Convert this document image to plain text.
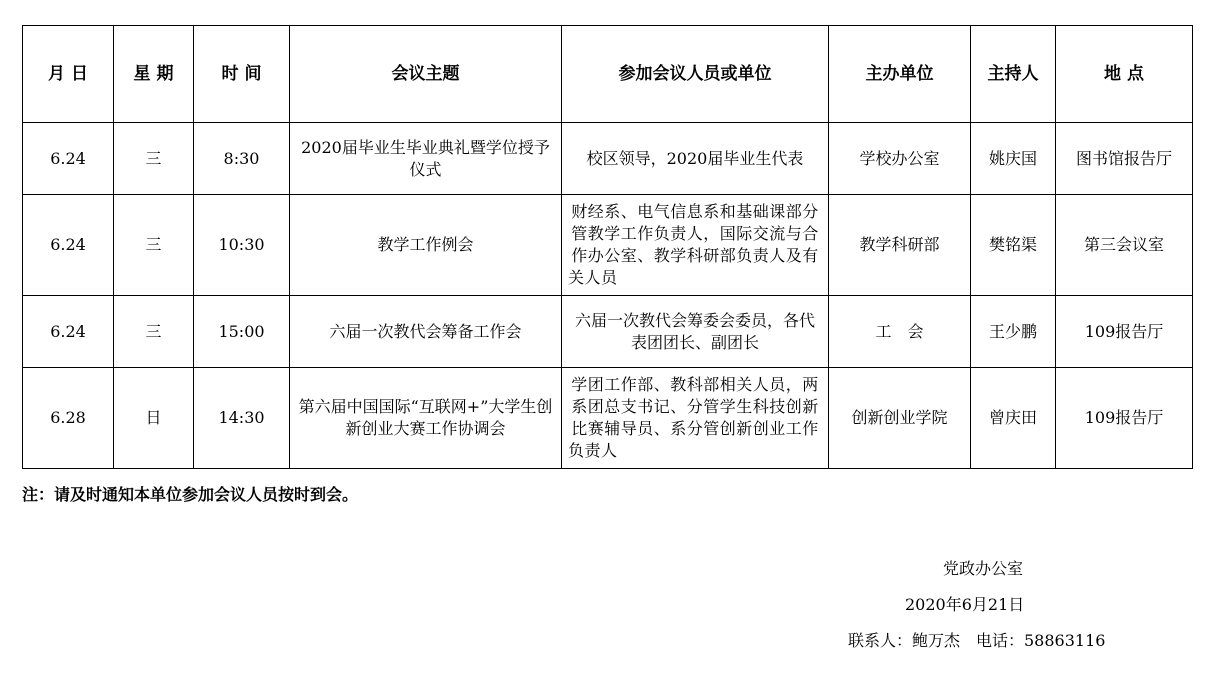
月 日	星 期	时 间	会议主题	参加会议人员或单位	主办单位	主持人	地 点
6.24	三	8:30	2020届毕业生毕业典礼暨学位授予仪式	校区领导，2020届毕业生代表	学校办公室	姚庆国	图书馆报告厅
6.24	三	10:30	教学工作例会	财经系、电气信息系和基础课部分管教学工作负责人，国际交流与合作办公室、教学科研部负责人及有关人员	教学科研部	樊铭渠	第三会议室
6.24	三	15:00	六届一次教代会筹备工作会	六届一次教代会筹委会委员，各代表团团长、副团长	工　会	王少鹏	109报告厅
6.28	日	14:30	第六届中国国际“互联网+”大学生创新创业大赛工作协调会	学团工作部、教科部相关人员，两系团总支书记、分管学生科技创新比赛辅导员、系分管创新创业工作负责人	创新创业学院	曾庆田	109报告厅
注：请及时通知本单位参加会议人员按时到会。
党政办公室
2020年6月21日
联系人：鲍万杰　电话：58863116
